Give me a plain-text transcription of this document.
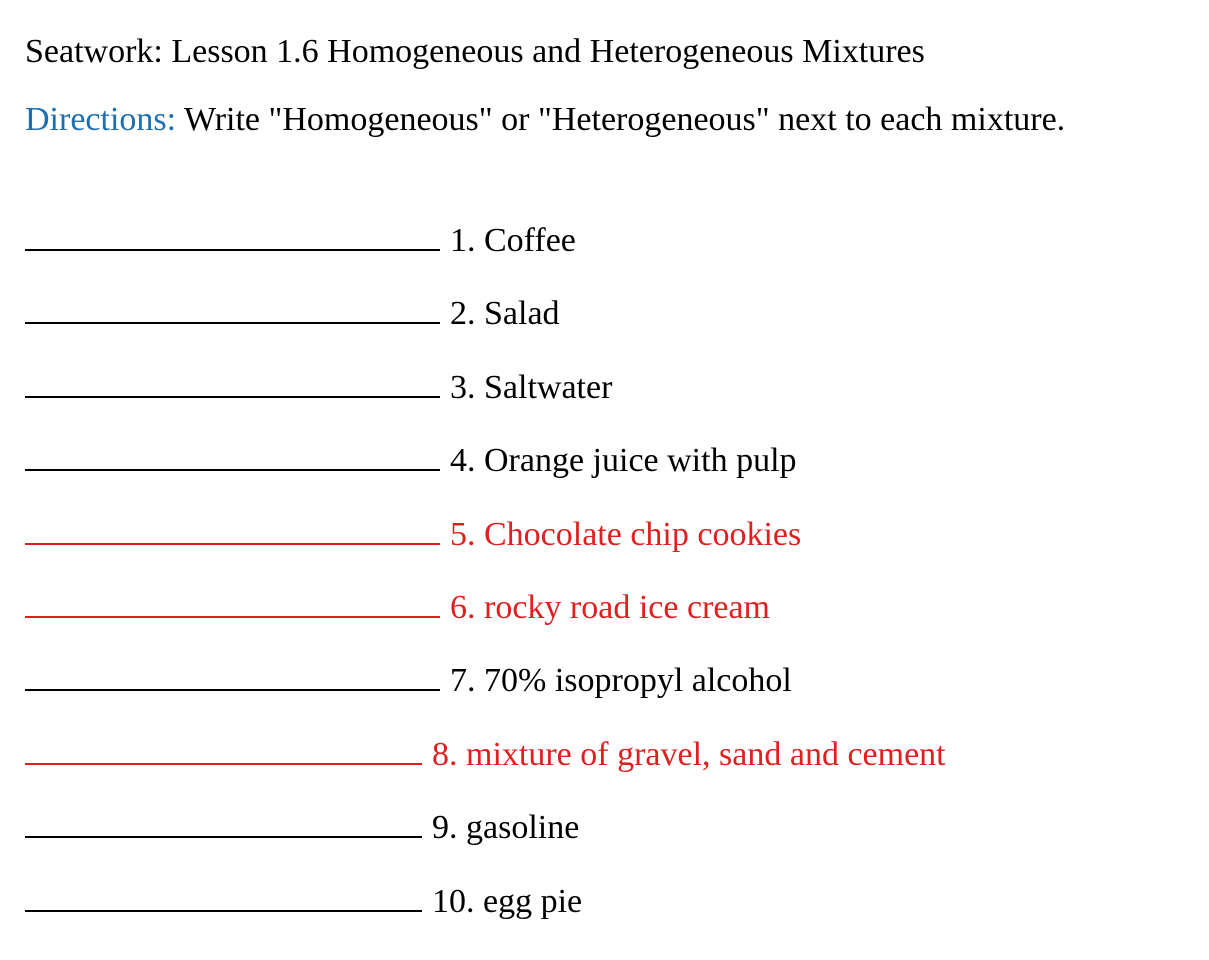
Seatwork: Lesson 1.6 Homogeneous and Heterogeneous Mixtures
Directions: Write "Homogeneous" or "Heterogeneous" next to each mixture.
1. Coffee
2. Salad
3. Saltwater
4. Orange juice with pulp
5. Chocolate chip cookies
6. rocky road ice cream
7. 70% isopropyl alcohol
8. mixture of gravel, sand and cement
9. gasoline
10. egg pie
